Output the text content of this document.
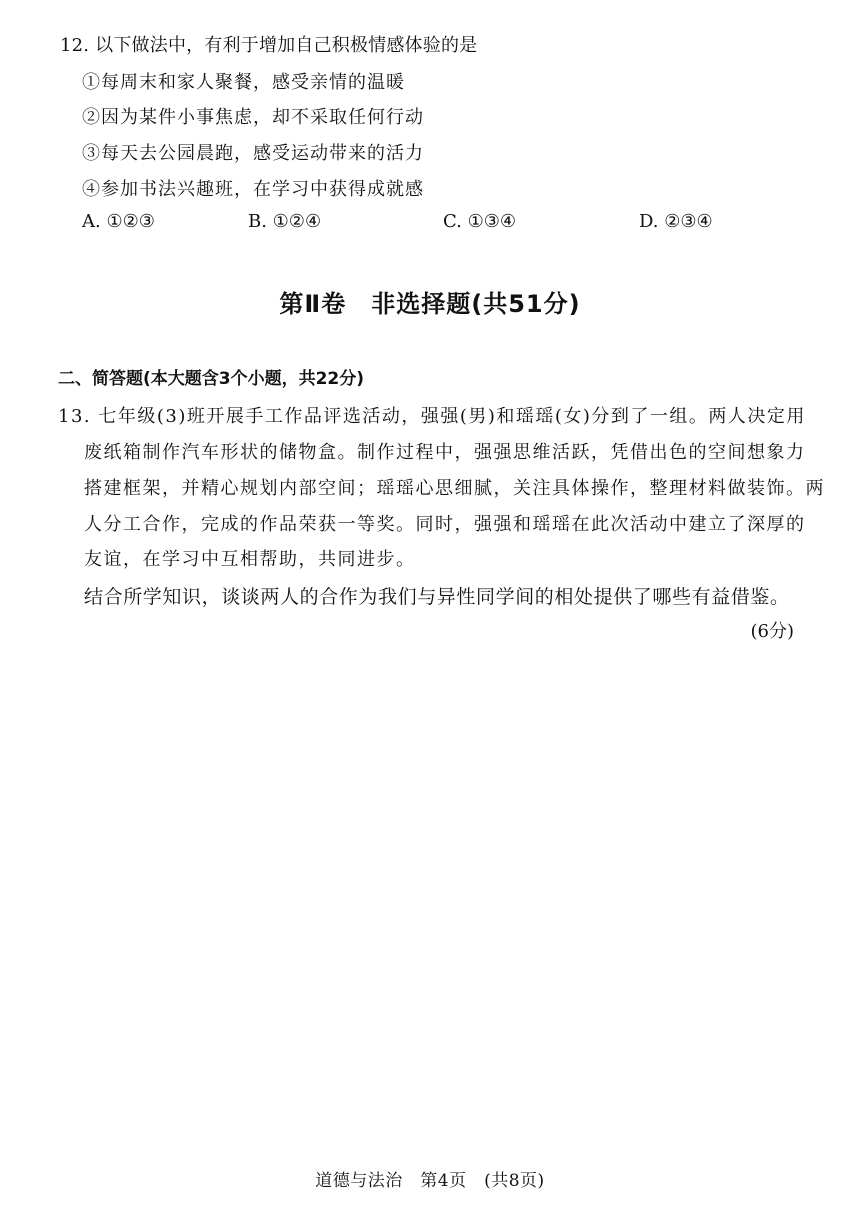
12. 以下做法中，有利于增加自己积极情感体验的是
①每周末和家人聚餐，感受亲情的温暖
②因为某件小事焦虑，却不采取任何行动
③每天去公园晨跑，感受运动带来的活力
④参加书法兴趣班，在学习中获得成就感
A. ①②③	B. ①②④	C. ①③④	D. ②③④
第Ⅱ卷　非选择题(共51分)
二、简答题(本大题含3个小题，共22分)
13. 七年级(3)班开展手工作品评选活动，强强(男)和瑶瑶(女)分到了一组。两人决定用
废纸箱制作汽车形状的储物盒。制作过程中，强强思维活跃，凭借出色的空间想象力
搭建框架，并精心规划内部空间；瑶瑶心思细腻，关注具体操作，整理材料做装饰。两
人分工合作，完成的作品荣获一等奖。同时，强强和瑶瑶在此次活动中建立了深厚的
友谊，在学习中互相帮助，共同进步。
结合所学知识，谈谈两人的合作为我们与异性同学间的相处提供了哪些有益借鉴。
(6分)
道德与法治　第4页　(共8页)
